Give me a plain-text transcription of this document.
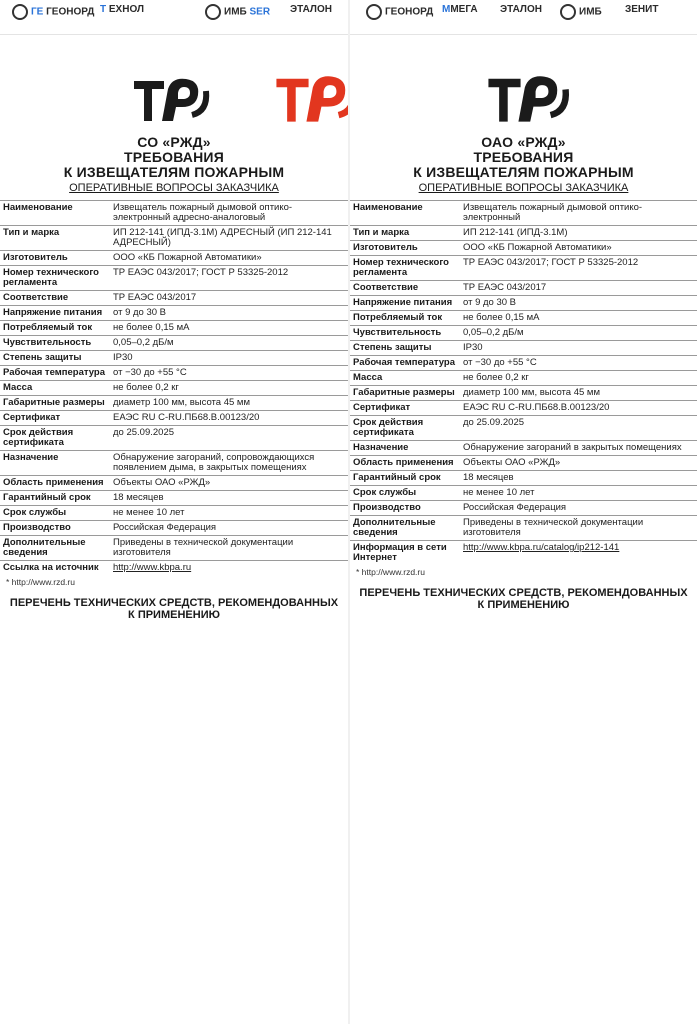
ГЕ ГЕОНОРД Т ЕХНОЛ	ИМБ SER ЭТАЛОН
СО «РЖД»
ТРЕБОВАНИЯ
К ИЗВЕЩАТЕЛЯМ ПОЖАРНЫМ
ОПЕРАТИВНЫЕ ВОПРОСЫ ЗАКАЗЧИКА
Наименование	Извещатель пожарный дымовой оптико-электронный адресно-аналоговый
Тип и марка	ИП 212-141 (ИПД-3.1М) АДРЕСНЫЙ (ИП 212-141 АДРЕСНЫЙ)
Изготовитель	ООО «КБ Пожарной Автоматики»
Номер технического регламента	ТР ЕАЭС 043/2017; ГОСТ Р 53325-2012
Соответствие	ТР ЕАЭС 043/2017
Напряжение питания	от 9 до 30 В
Потребляемый ток	не более 0,15 мА
Чувствительность	0,05–0,2 дБ/м
Степень защиты	IP30
Рабочая температура	от −30 до +55 °С
Масса	не более 0,2 кг
Габаритные размеры	диаметр 100 мм, высота 45 мм
Сертификат	ЕАЭС RU С-RU.ПБ68.В.00123/20
Срок действия сертификата	до 25.09.2025
Назначение	Обнаружение загораний, сопровождающихся появлением дыма, в закрытых помещениях
Область применения	Объекты ОАО «РЖД»
Гарантийный срок	18 месяцев
Срок службы	не менее 10 лет
Производство	Российская Федерация
Дополнительные сведения	Приведены в технической документации изготовителя
Ссылка на источник	http://www.kbpa.ru
* http://www.rzd.ru
ПЕРЕЧЕНЬ ТЕХНИЧЕСКИХ СРЕДСТВ, РЕКОМЕНДОВАННЫХ К ПРИМЕНЕНИЮ
ГЕОНОРД ММЕГА ЭТАЛОН	ИМБ ЗЕНИТ
ОАО «РЖД»
ТРЕБОВАНИЯ
К ИЗВЕЩАТЕЛЯМ ПОЖАРНЫМ
ОПЕРАТИВНЫЕ ВОПРОСЫ ЗАКАЗЧИКА
Наименование	Извещатель пожарный дымовой оптико-электронный
Тип и марка	ИП 212-141 (ИПД-3.1М)
Изготовитель	ООО «КБ Пожарной Автоматики»
Номер технического регламента	ТР ЕАЭС 043/2017; ГОСТ Р 53325-2012
Соответствие	ТР ЕАЭС 043/2017
Напряжение питания	от 9 до 30 В
Потребляемый ток	не более 0,15 мА
Чувствительность	0,05–0,2 дБ/м
Степень защиты	IP30
Рабочая температура	от −30 до +55 °С
Масса	не более 0,2 кг
Габаритные размеры	диаметр 100 мм, высота 45 мм
Сертификат	ЕАЭС RU С-RU.ПБ68.В.00123/20
Срок действия сертификата	до 25.09.2025
Назначение	Обнаружение загораний в закрытых помещениях
Область применения	Объекты ОАО «РЖД»
Гарантийный срок	18 месяцев
Срок службы	не менее 10 лет
Производство	Российская Федерация
Дополнительные сведения	Приведены в технической документации изготовителя
Информация в сети Интернет	http://www.kbpa.ru/catalog/ip212-141
* http://www.rzd.ru
ПЕРЕЧЕНЬ ТЕХНИЧЕСКИХ СРЕДСТВ, РЕКОМЕНДОВАННЫХ К ПРИМЕНЕНИЮ
